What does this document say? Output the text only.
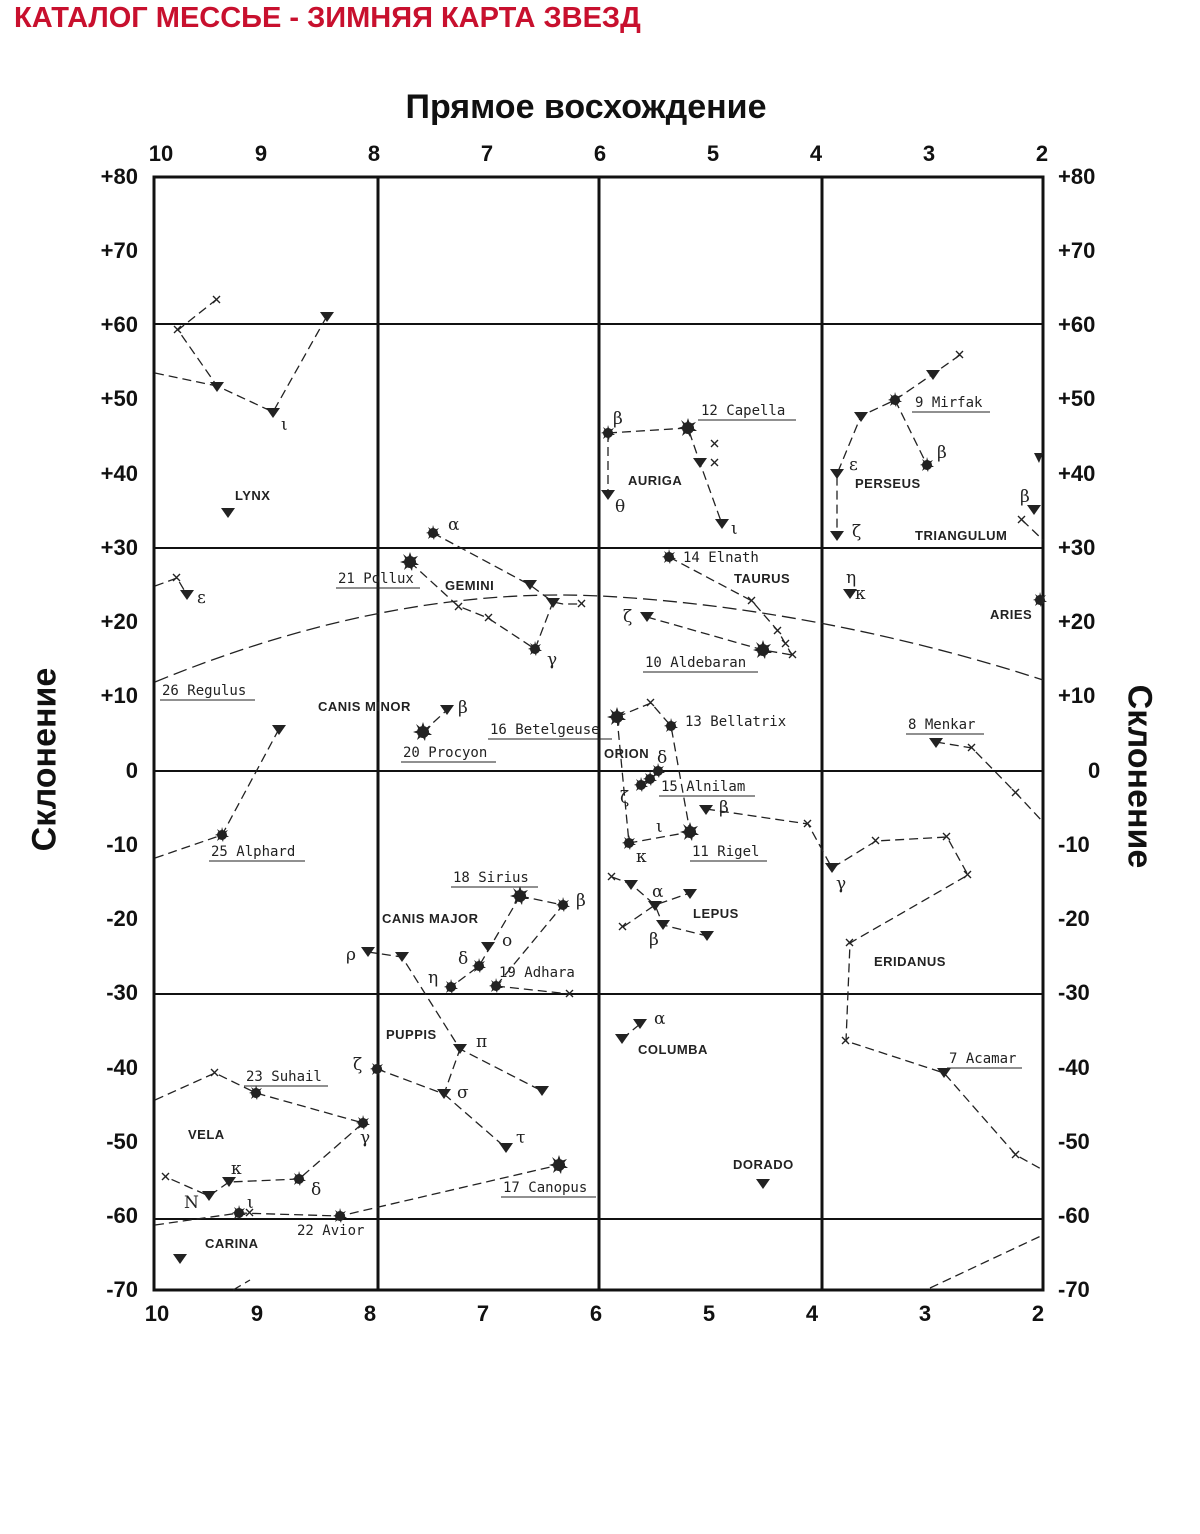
КАТАЛОГ МЕССЬЕ - ЗИМНЯЯ КАРТА ЗВЕЗД
Прямое восхождение
Склонение	Склонение
10	9	8	7	6	5	4	3	2
10	9	8	7	6	5	4	3	2
+80
+70
+60
+50
+40
+30
+20
+10
0
-10
-20
-30
-40
-50
-60
-70
+80
+70
+60
+50
+40
+30
+20
+10
0
-10
-20
-30
-40
-50
-60
-70
12 Capella	9 Mirfak
14 Elnath
21 Pollux
10 Aldebaran
26 Regulus
16 Betelgeuse	13 Bellatrix	8 Menkar
20 Procyon
15 Alnilam
11 Rigel
25 Alphard
18 Sirius
19 Adhara
23 Suhail
7 Acamar
17 Canopus
22 Avior
LYNX
AURIGA	PERSEUS
TRIANGULUM
GEMINI	TAURUS
ARIES
CANIS MINOR
ORION
LEPUS
CANIS MAJOR
ERIDANUS
PUPPIS
COLUMBA
VELA
DORADO
CARINA
ι	β
θ
ι
ε
ζ
β
β
α
γ
ε
η
κ
ζ
β
δ
ζ
ι
κ
β
γ
α
β
β
ο
δ
η
ρ
π
ζ
σ
τ
α
γ
κ
δ
N	ι
